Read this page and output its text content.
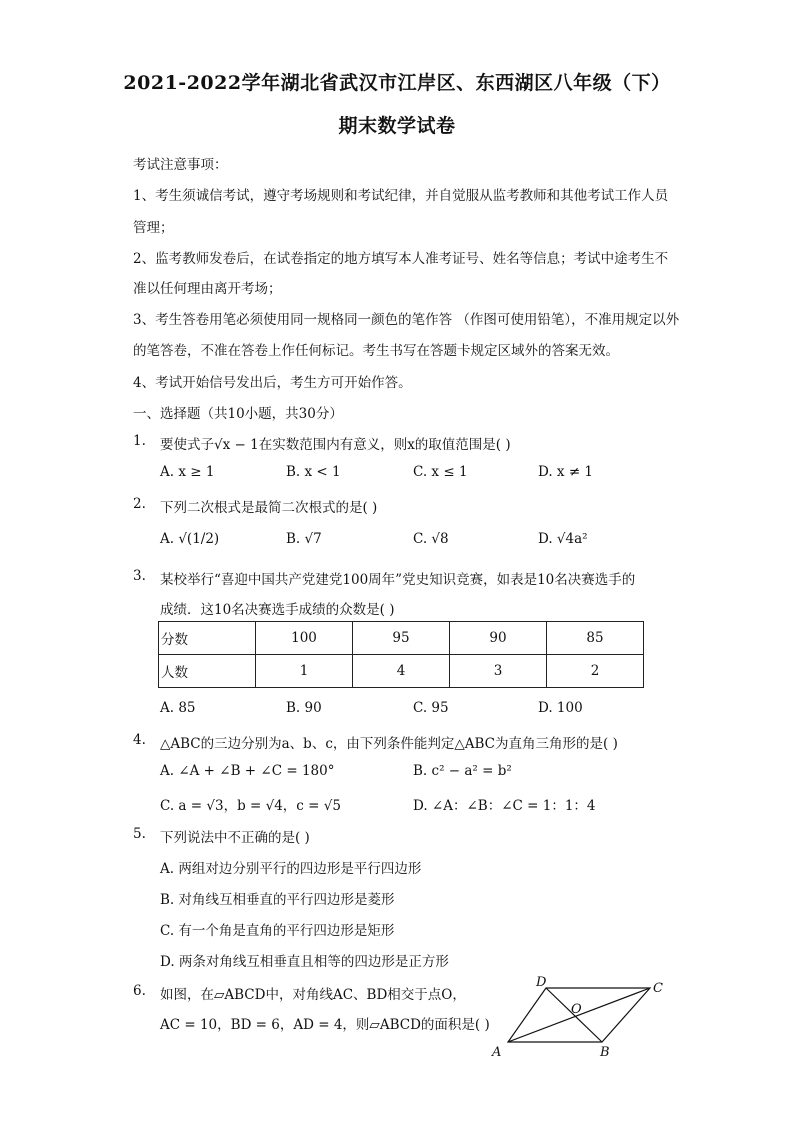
2021-2022学年湖北省武汉市江岸区、东西湖区八年级（下）
期末数学试卷
考试注意事项：
1、考生须诚信考试，遵守考场规则和考试纪律，并自觉服从监考教师和其他考试工作人员
管理；
2、监考教师发卷后，在试卷指定的地方填写本人准考证号、姓名等信息；考试中途考生不
准以任何理由离开考场；
3、考生答卷用笔必须使用同一规格同一颜色的笔作答 （作图可使用铅笔），不准用规定以外
的笔答卷，不准在答卷上作任何标记。考生书写在答题卡规定区域外的答案无效。
4、考试开始信号发出后，考生方可开始作答。
一、选择题（共10小题，共30分）
1. 要使式子√x − 1在实数范围内有意义，则x的取值范围是( )
A. x ≥ 1	B. x < 1	C. x ≤ 1	D. x ≠ 1
2. 下列二次根式是最简二次根式的是( )
A. √(1/2)	B. √7	C. √8	D. √4a²
3. 某校举行“喜迎中国共产党建党100周年”党史知识竞赛，如表是10名决赛选手的
成绩．这10名决赛选手成绩的众数是( )
分数	100	95	90	85
人数	1	4	3	2
A. 85	B. 90	C. 95	D. 100
4. △ABC的三边分别为a、b、c，由下列条件能判定△ABC为直角三角形的是( )
A. ∠A + ∠B + ∠C = 180°	B. c² − a² = b²
C. a = √3，b = √4，c = √5	D. ∠A：∠B：∠C = 1：1：4
5. 下列说法中不正确的是( )
A. 两组对边分别平行的四边形是平行四边形
B. 对角线互相垂直的平行四边形是菱形
C. 有一个角是直角的平行四边形是矩形
D. 两条对角线互相垂直且相等的四边形是正方形
6. 如图，在▱ABCD中，对角线AC、BD相交于点O，
AC = 10，BD = 6，AD = 4，则▱ABCD的面积是( )
D	C
O
A	B
